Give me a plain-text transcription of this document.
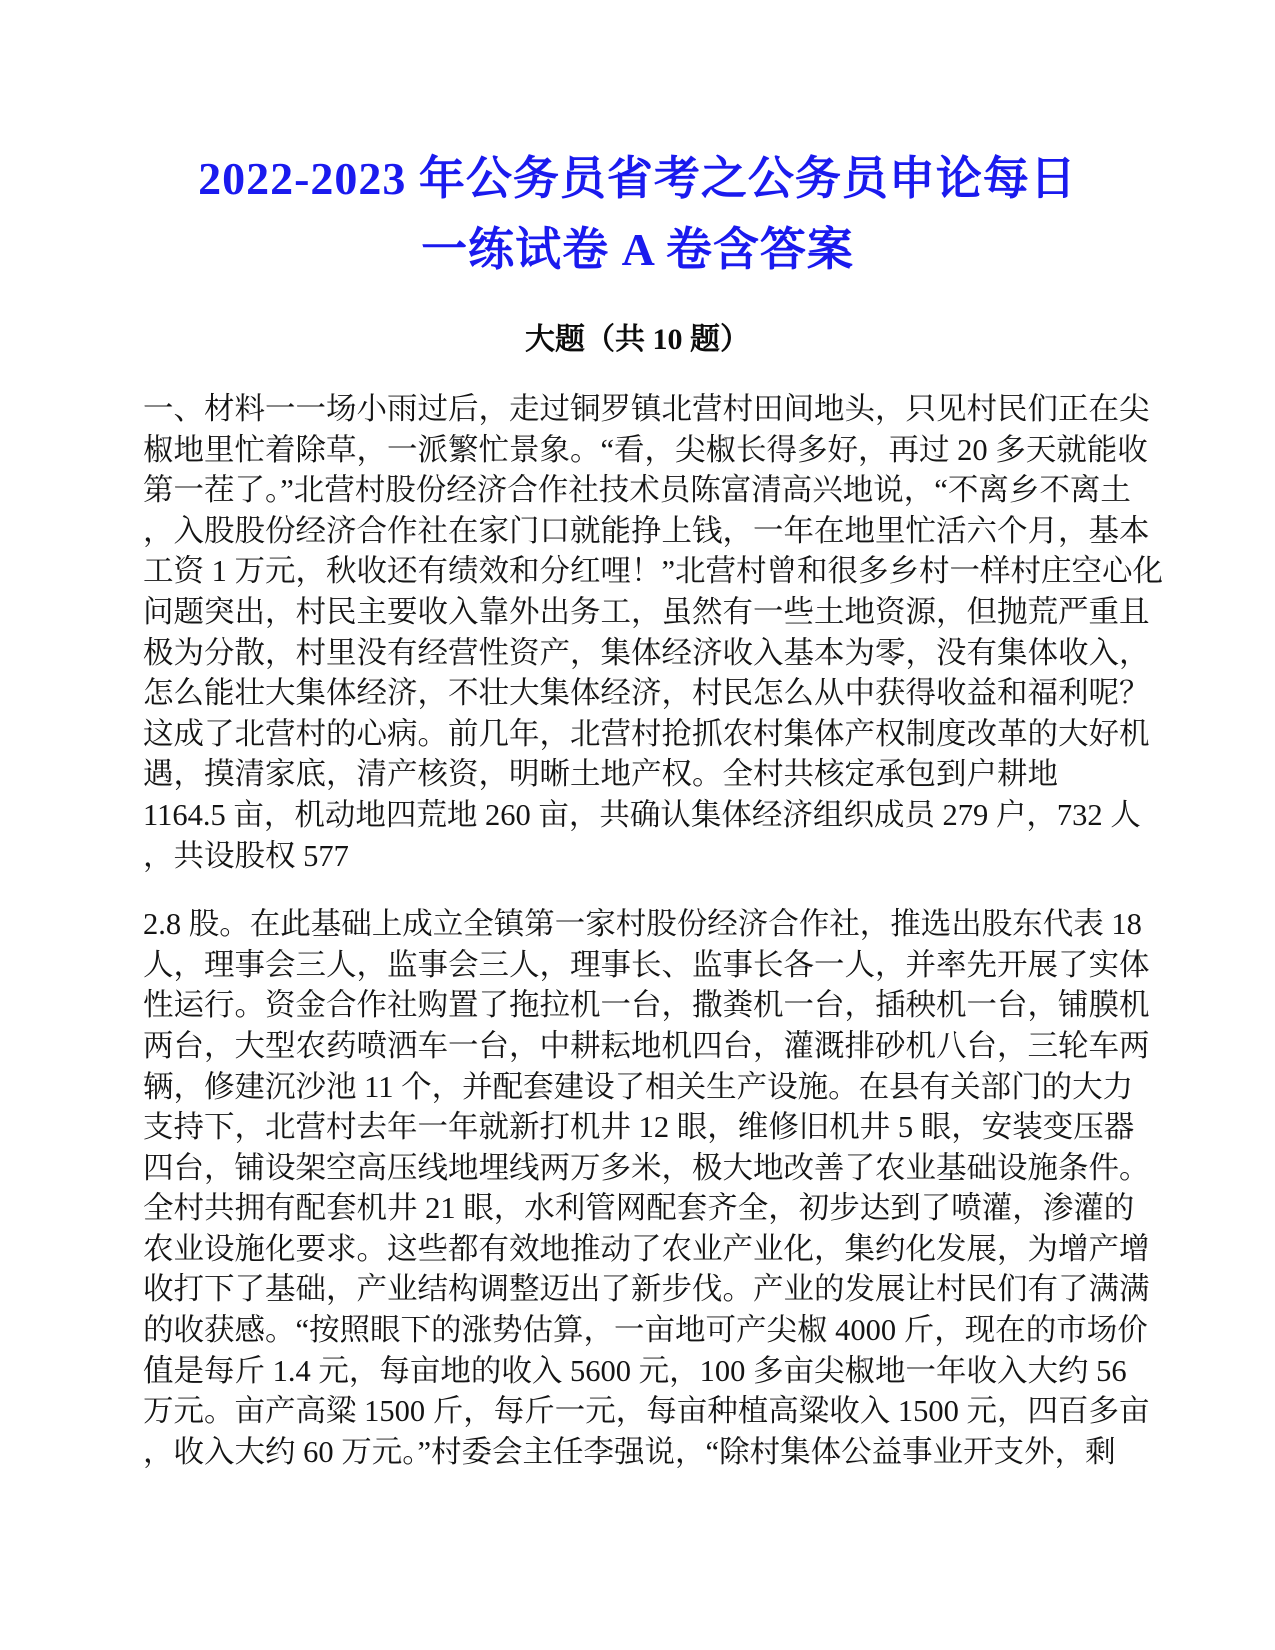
2022-2023 年公务员省考之公务员申论每日
一练试卷 A 卷含答案
大题（共 10 题）
一、材料一一场小雨过后，走过铜罗镇北营村田间地头，只见村民们正在尖
椒地里忙着除草，一派繁忙景象。“看，尖椒长得多好，再过 20 多天就能收
第一茬了。”北营村股份经济合作社技术员陈富清高兴地说，“不离乡不离土
，入股股份经济合作社在家门口就能挣上钱，一年在地里忙活六个月，基本
工资 1 万元，秋收还有绩效和分红哩！”北营村曾和很多乡村一样村庄空心化
问题突出，村民主要收入靠外出务工，虽然有一些土地资源，但抛荒严重且
极为分散，村里没有经营性资产，集体经济收入基本为零，没有集体收入，
怎么能壮大集体经济，不壮大集体经济，村民怎么从中获得收益和福利呢？
这成了北营村的心病。前几年，北营村抢抓农村集体产权制度改革的大好机
遇，摸清家底，清产核资，明晰土地产权。全村共核定承包到户耕地
1164.5 亩，机动地四荒地 260 亩，共确认集体经济组织成员 279 户，732 人
，共设股权 577
2.8 股。在此基础上成立全镇第一家村股份经济合作社，推选出股东代表 18
人，理事会三人，监事会三人，理事长、监事长各一人，并率先开展了实体
性运行。资金合作社购置了拖拉机一台，撒粪机一台，插秧机一台，铺膜机
两台，大型农药喷洒车一台，中耕耘地机四台，灌溉排砂机八台，三轮车两
辆，修建沉沙池 11 个，并配套建设了相关生产设施。在县有关部门的大力
支持下，北营村去年一年就新打机井 12 眼，维修旧机井 5 眼，安装变压器
四台，铺设架空高压线地埋线两万多米，极大地改善了农业基础设施条件。
全村共拥有配套机井 21 眼，水利管网配套齐全，初步达到了喷灌，渗灌的
农业设施化要求。这些都有效地推动了农业产业化，集约化发展，为增产增
收打下了基础，产业结构调整迈出了新步伐。产业的发展让村民们有了满满
的收获感。“按照眼下的涨势估算，一亩地可产尖椒 4000 斤，现在的市场价
值是每斤 1.4 元，每亩地的收入 5600 元，100 多亩尖椒地一年收入大约 56
万元。亩产高粱 1500 斤，每斤一元，每亩种植高粱收入 1500 元，四百多亩
，收入大约 60 万元。”村委会主任李强说，“除村集体公益事业开支外，剩
